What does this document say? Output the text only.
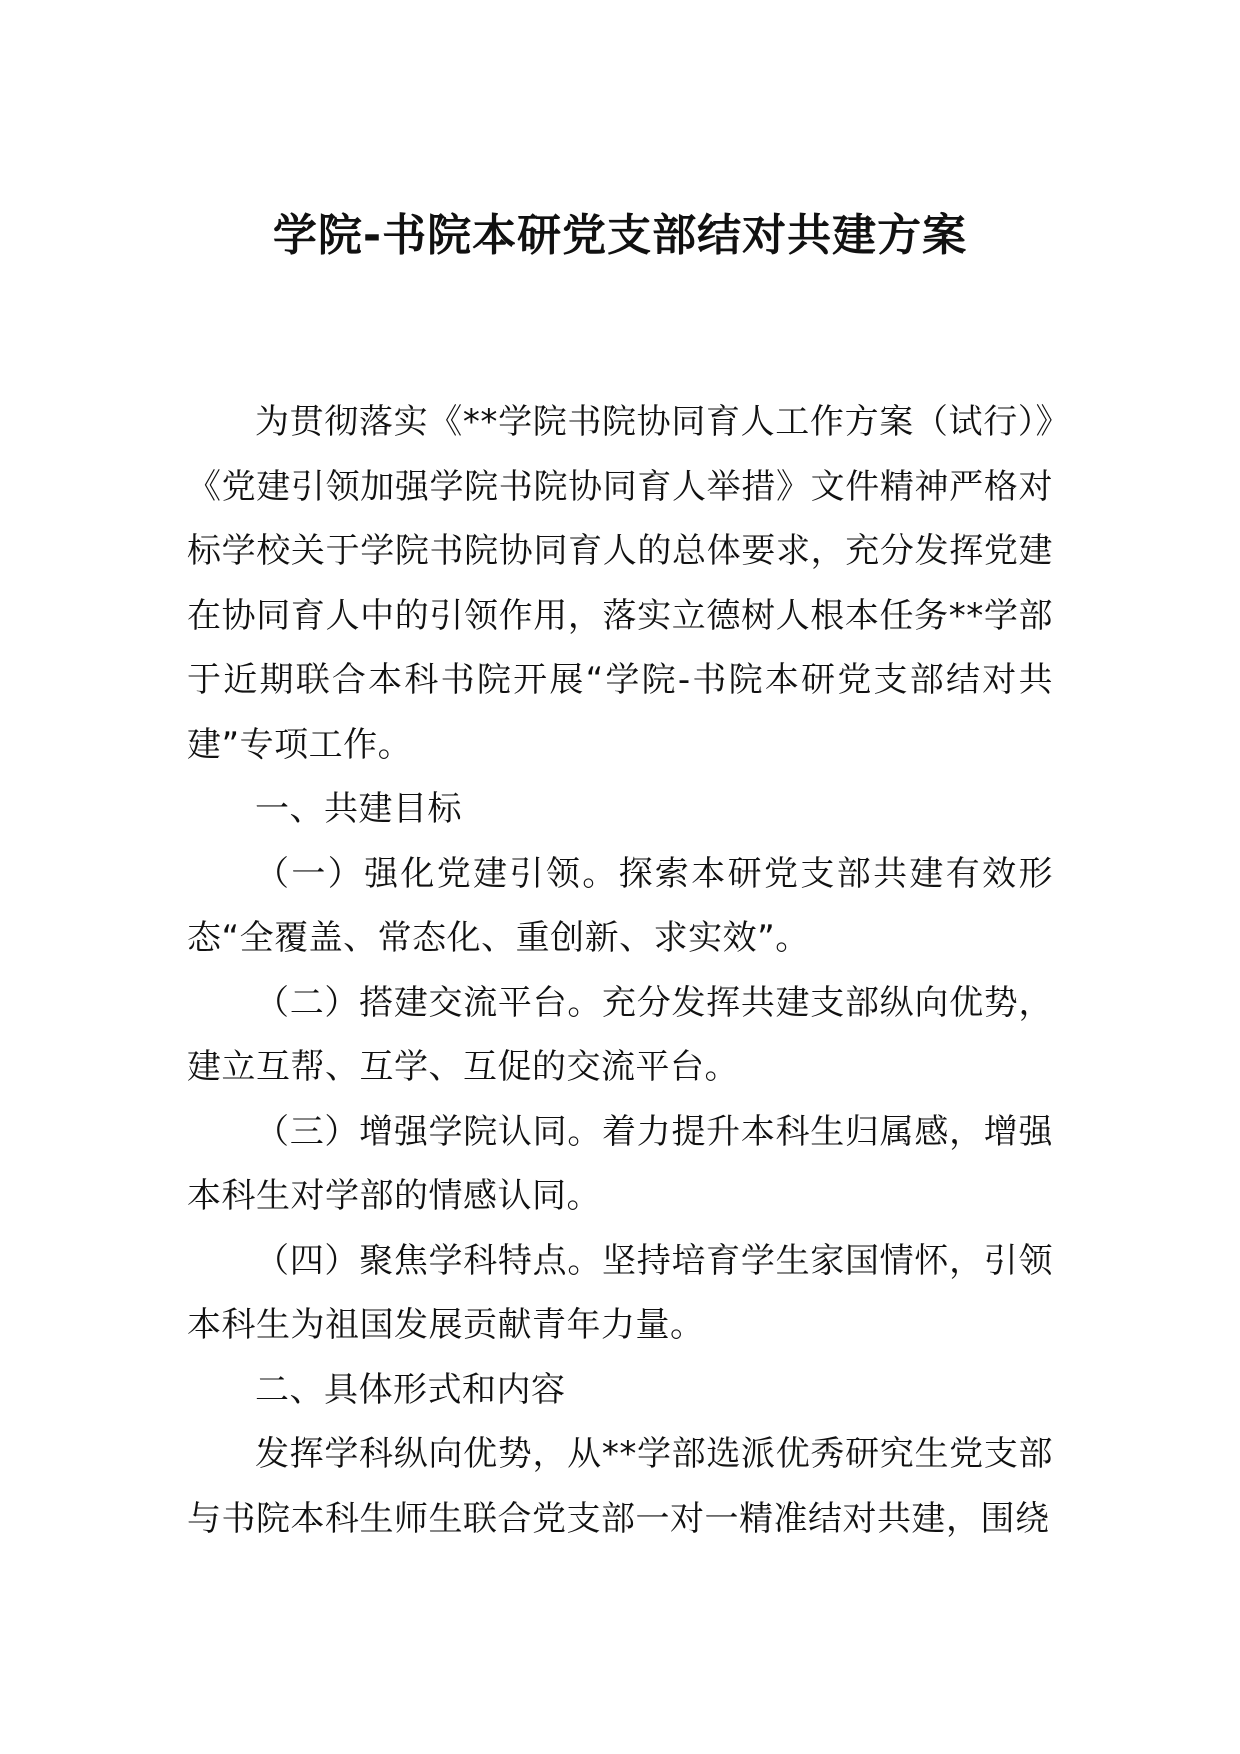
学院-书院本研党支部结对共建方案

为贯彻落实《**学院书院协同育人工作方案（试行）》《党建引领加强学院书院协同育人举措》文件精神严格对标学校关于学院书院协同育人的总体要求，充分发挥党建在协同育人中的引领作用，落实立德树人根本任务**学部于近期联合本科书院开展“学院-书院本研党支部结对共建”专项工作。

一、共建目标

（一）强化党建引领。探索本研党支部共建有效形态“全覆盖、常态化、重创新、求实效”。

（二）搭建交流平台。充分发挥共建支部纵向优势，建立互帮、互学、互促的交流平台。

（三）增强学院认同。着力提升本科生归属感，增强本科生对学部的情感认同。

（四）聚焦学科特点。坚持培育学生家国情怀，引领本科生为祖国发展贡献青年力量。

二、具体形式和内容

发挥学科纵向优势，从**学部选派优秀研究生党支部与书院本科生师生联合党支部一对一精准结对共建，围绕
